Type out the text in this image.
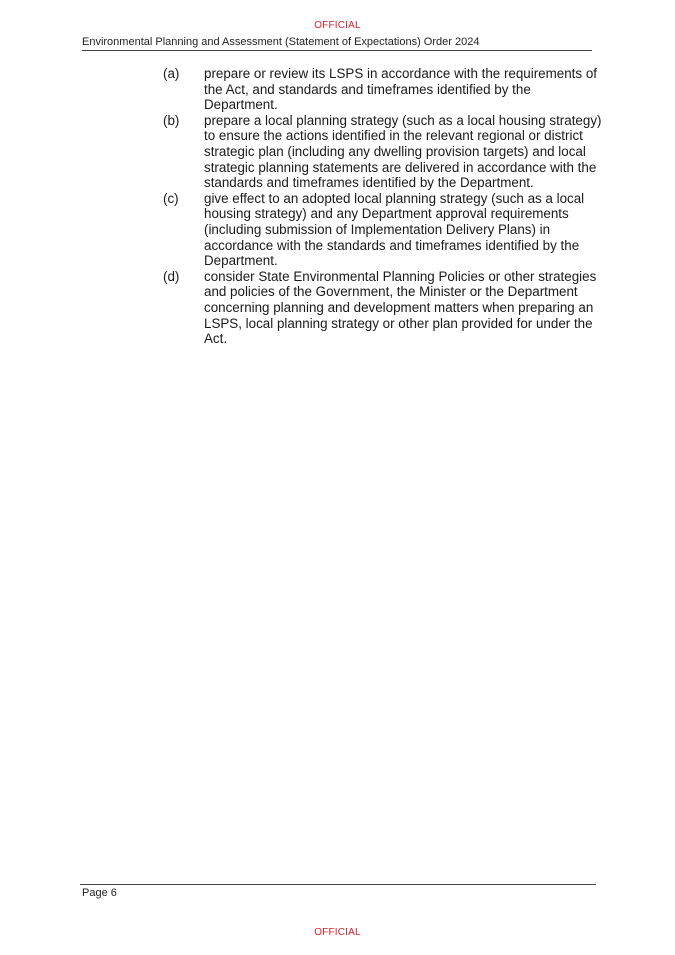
OFFICIAL
Environmental Planning and Assessment (Statement of Expectations) Order 2024
(a)	prepare or review its LSPS in accordance with the requirements of the Act, and standards and timeframes identified by the Department.
(b)	prepare a local planning strategy (such as a local housing strategy) to ensure the actions identified in the relevant regional or district strategic plan (including any dwelling provision targets) and local strategic planning statements are delivered in accordance with the standards and timeframes identified by the Department.
(c)	give effect to an adopted local planning strategy (such as a local housing strategy) and any Department approval requirements (including submission of Implementation Delivery Plans) in accordance with the standards and timeframes identified by the Department.
(d)	consider State Environmental Planning Policies or other strategies and policies of the Government, the Minister or the Department concerning planning and development matters when preparing an LSPS, local planning strategy or other plan provided for under the Act.
Page 6
OFFICIAL
